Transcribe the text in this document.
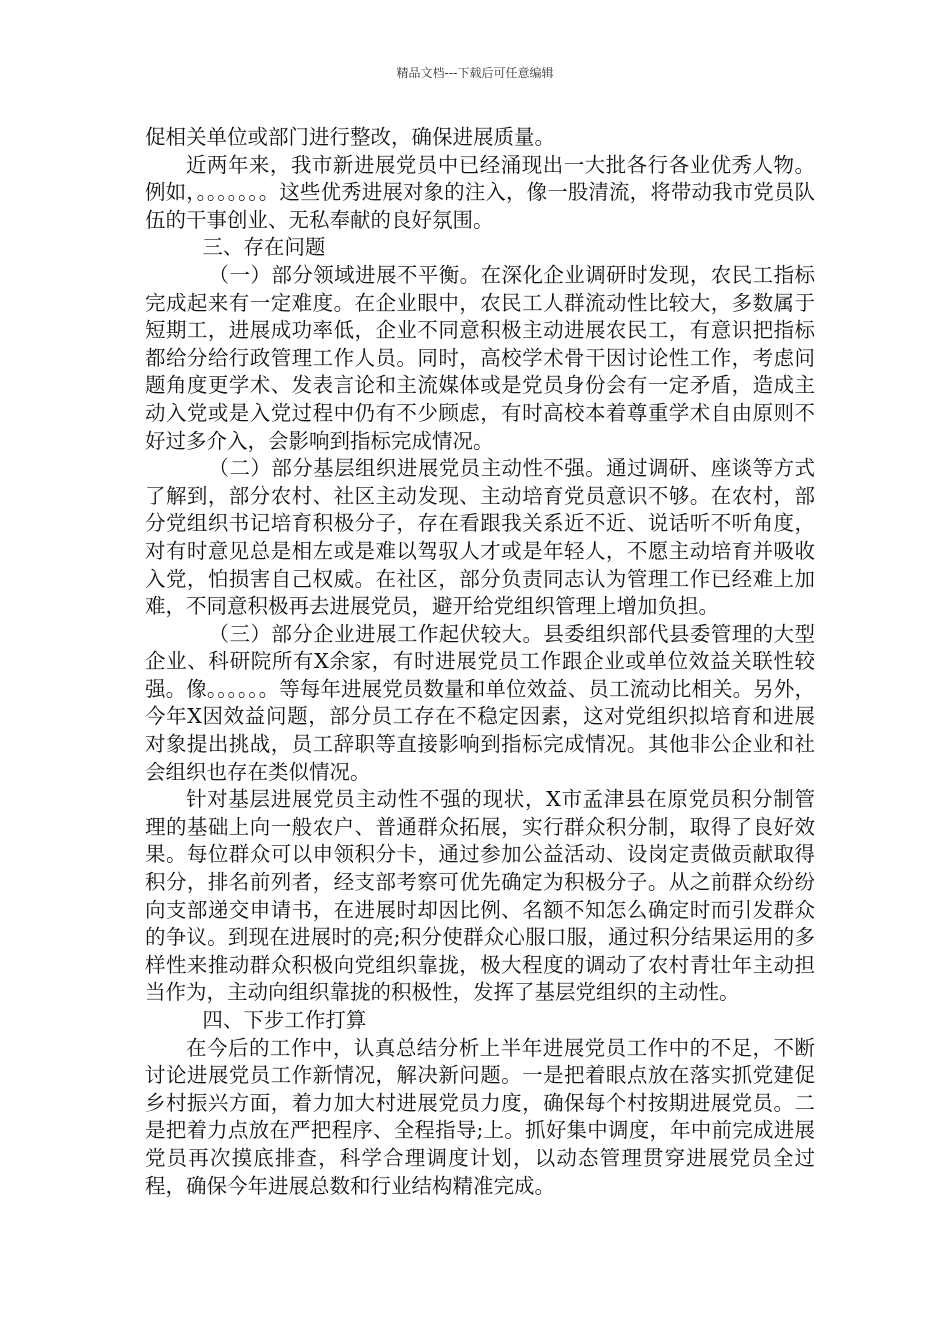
精品文档---下载后可任意编辑

促相关单位或部门进行整改，确保进展质量。

近两年来，我市新进展党员中已经涌现出一大批各行各业优秀人物。例如，。。。。。。。这些优秀进展对象的注入，像一股清流，将带动我市党员队伍的干事创业、无私奉献的良好氛围。

三、存在问题

（一）部分领域进展不平衡。在深化企业调研时发现，农民工指标完成起来有一定难度。在企业眼中，农民工人群流动性比较大，多数属于短期工，进展成功率低，企业不同意积极主动进展农民工，有意识把指标都给分给行政管理工作人员。同时，高校学术骨干因讨论性工作，考虑问题角度更学术、发表言论和主流媒体或是党员身份会有一定矛盾，造成主动入党或是入党过程中仍有不少顾虑，有时高校本着尊重学术自由原则不好过多介入，会影响到指标完成情况。

（二）部分基层组织进展党员主动性不强。通过调研、座谈等方式了解到，部分农村、社区主动发现、主动培育党员意识不够。在农村，部分党组织书记培育积极分子，存在看跟我关系近不近、说话听不听角度，对有时意见总是相左或是难以驾驭人才或是年轻人，不愿主动培育并吸收入党，怕损害自己权威。在社区，部分负责同志认为管理工作已经难上加难，不同意积极再去进展党员，避开给党组织管理上增加负担。

（三）部分企业进展工作起伏较大。县委组织部代县委管理的大型企业、科研院所有X余家，有时进展党员工作跟企业或单位效益关联性较强。像。。。。。。等每年进展党员数量和单位效益、员工流动比相关。另外，今年X因效益问题，部分员工存在不稳定因素，这对党组织拟培育和进展对象提出挑战，员工辞职等直接影响到指标完成情况。其他非公企业和社会组织也存在类似情况。

针对基层进展党员主动性不强的现状，X市孟津县在原党员积分制管理的基础上向一般农户、普通群众拓展，实行群众积分制，取得了良好效果。每位群众可以申领积分卡，通过参加公益活动、设岗定责做贡献取得积分，排名前列者，经支部考察可优先确定为积极分子。从之前群众纷纷向支部递交申请书，在进展时却因比例、名额不知怎么确定时而引发群众的争议。到现在进展时的亮;积分使群众心服口服，通过积分结果运用的多样性来推动群众积极向党组织靠拢，极大程度的调动了农村青壮年主动担当作为，主动向组织靠拢的积极性，发挥了基层党组织的主动性。

四、下步工作打算

在今后的工作中，认真总结分析上半年进展党员工作中的不足，不断讨论进展党员工作新情况，解决新问题。一是把着眼点放在落实抓党建促乡村振兴方面，着力加大村进展党员力度，确保每个村按期进展党员。二是把着力点放在严把程序、全程指导;上。抓好集中调度，年中前完成进展党员再次摸底排查，科学合理调度计划，以动态管理贯穿进展党员全过程，确保今年进展总数和行业结构精准完成。
